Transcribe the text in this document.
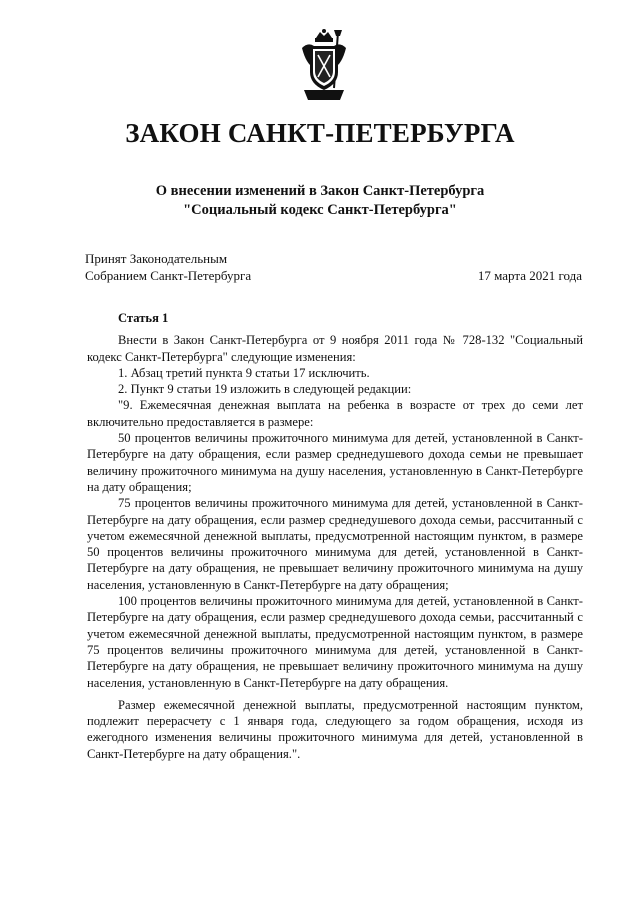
ЗАКОН САНКТ-ПЕТЕРБУРГА
О внесении изменений в Закон Санкт-Петербурга
"Социальный кодекс Санкт-Петербурга"
Принят Законодательным
Собранием Санкт-Петербурга	17 марта 2021 года
Статья 1

Внести в Закон Санкт-Петербурга от 9 ноября 2011 года № 728-132 "Социальный кодекс Санкт-Петербурга" следующие изменения:

1. Абзац третий пункта 9 статьи 17 исключить.

2. Пункт 9 статьи 19 изложить в следующей редакции:

"9. Ежемесячная денежная выплата на ребенка в возрасте от трех до семи лет включительно предоставляется в размере:

50 процентов величины прожиточного минимума для детей, установленной в Санкт-Петербурге на дату обращения, если размер среднедушевого дохода семьи не превышает величину прожиточного минимума на душу населения, установленную в Санкт-Петербурге на дату обращения;

75 процентов величины прожиточного минимума для детей, установленной в Санкт-Петербурге на дату обращения, если размер среднедушевого дохода семьи, рассчитанный с учетом ежемесячной денежной выплаты, предусмотренной настоящим пунктом, в размере 50 процентов величины прожиточного минимума для детей, установленной в Санкт-Петербурге на дату обращения, не превышает величину прожиточного минимума на душу населения, установленную в Санкт-Петербурге на дату обращения;

100 процентов величины прожиточного минимума для детей, установленной в Санкт-Петербурге на дату обращения, если размер среднедушевого дохода семьи, рассчитанный с учетом ежемесячной денежной выплаты, предусмотренной настоящим пунктом, в размере 75 процентов величины прожиточного минимума для детей, установленной в Санкт-Петербурге на дату обращения, не превышает величину прожиточного минимума на душу населения, установленную в Санкт-Петербурге на дату обращения.

Размер ежемесячной денежной выплаты, предусмотренной настоящим пунктом, подлежит перерасчету с 1 января года, следующего за годом обращения, исходя из ежегодного изменения величины прожиточного минимума для детей, установленной в Санкт-Петербурге на дату обращения.".
